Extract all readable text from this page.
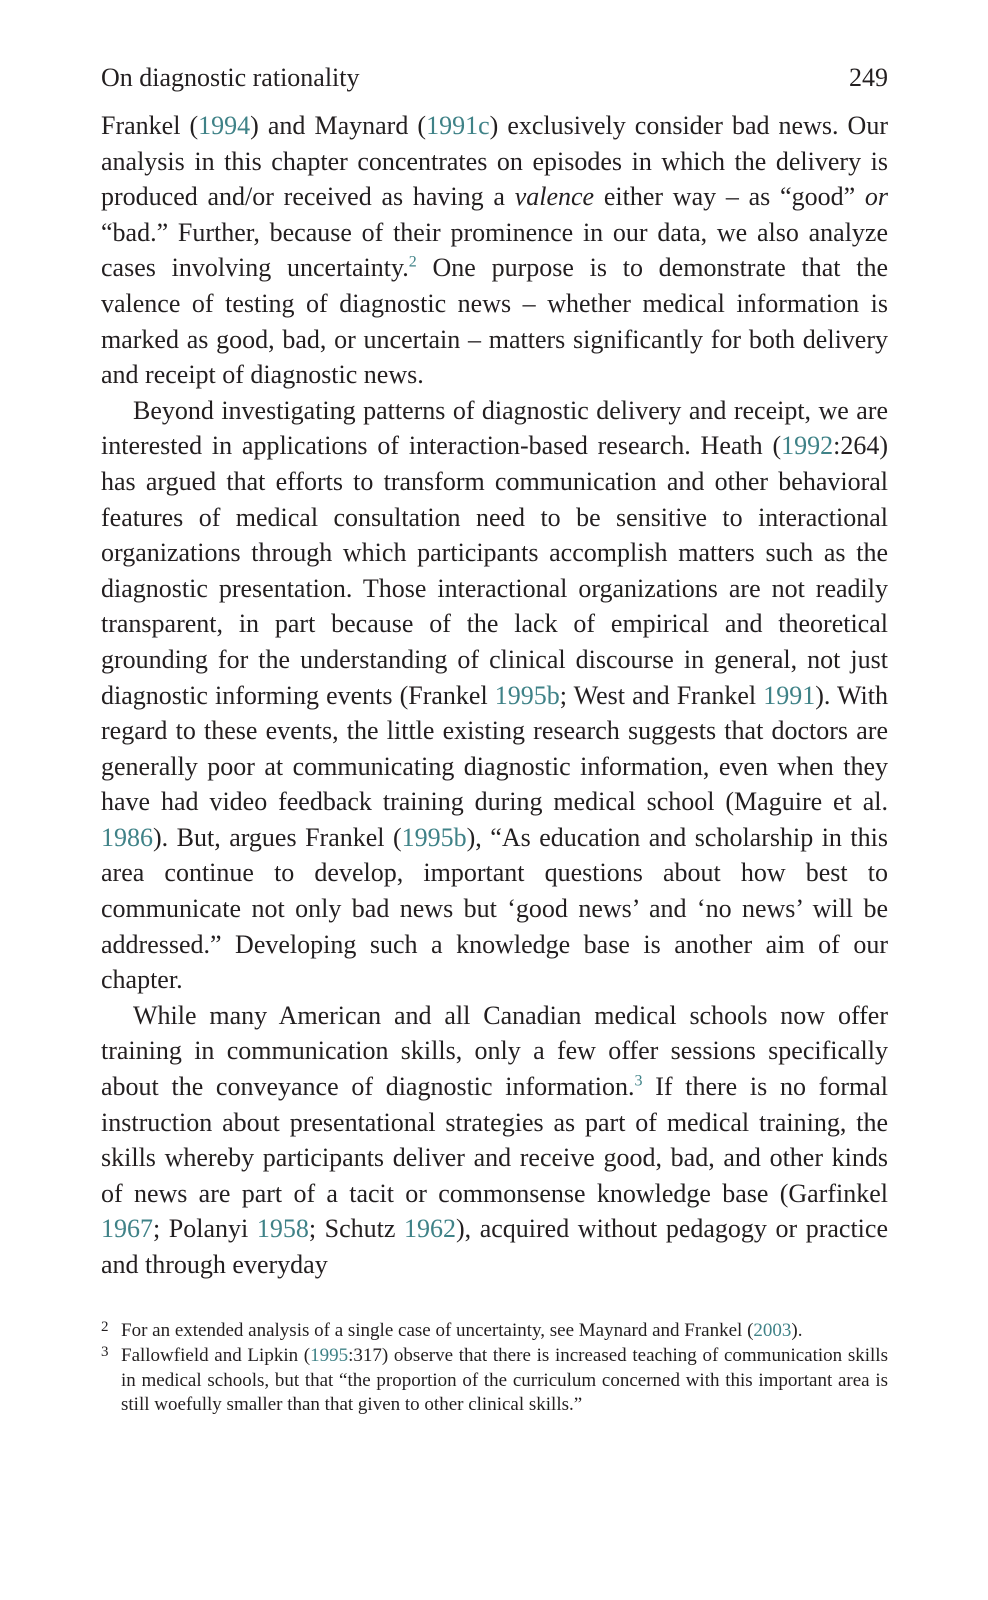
On diagnostic rationality	249

Frankel (1994) and Maynard (1991c) exclusively consider bad news. Our analysis in this chapter concentrates on episodes in which the delivery is produced and/or received as having a valence either way – as “good” or “bad.” Further, because of their prominence in our data, we also analyze cases involving uncertainty.$^2$ One purpose is to demonstrate that the valence of testing of diagnostic news – whether medical information is marked as good, bad, or uncertain – matters significantly for both delivery and receipt of diagnostic news.

Beyond investigating patterns of diagnostic delivery and receipt, we are interested in applications of interaction-based research. Heath (1992:264) has argued that efforts to transform communication and other behavioral features of medical consultation need to be sensitive to interactional organizations through which participants accomplish matters such as the diagnostic presentation. Those interactional organizations are not readily transparent, in part because of the lack of empirical and theoretical grounding for the understanding of clinical discourse in general, not just diagnostic informing events (Frankel 1995b; West and Frankel 1991). With regard to these events, the little existing research suggests that doctors are generally poor at communicating diagnostic information, even when they have had video feedback training during medical school (Maguire et al. 1986). But, argues Frankel (1995b), “As education and scholarship in this area continue to develop, important questions about how best to communicate not only bad news but ‘good news’ and ‘no news’ will be addressed.” Developing such a knowledge base is another aim of our chapter.

While many American and all Canadian medical schools now offer training in communication skills, only a few offer sessions specifically about the conveyance of diagnostic information.$^3$ If there is no formal instruction about presentational strategies as part of medical training, the skills whereby participants deliver and receive good, bad, and other kinds of news are part of a tacit or commonsense knowledge base (Garfinkel 1967; Polanyi 1958; Schutz 1962), acquired without pedagogy or practice and through everyday

2 For an extended analysis of a single case of uncertainty, see Maynard and Frankel (2003).
3 Fallowfield and Lipkin (1995:317) observe that there is increased teaching of communication skills in medical schools, but that “the proportion of the curriculum concerned with this important area is still woefully smaller than that given to other clinical skills.”
